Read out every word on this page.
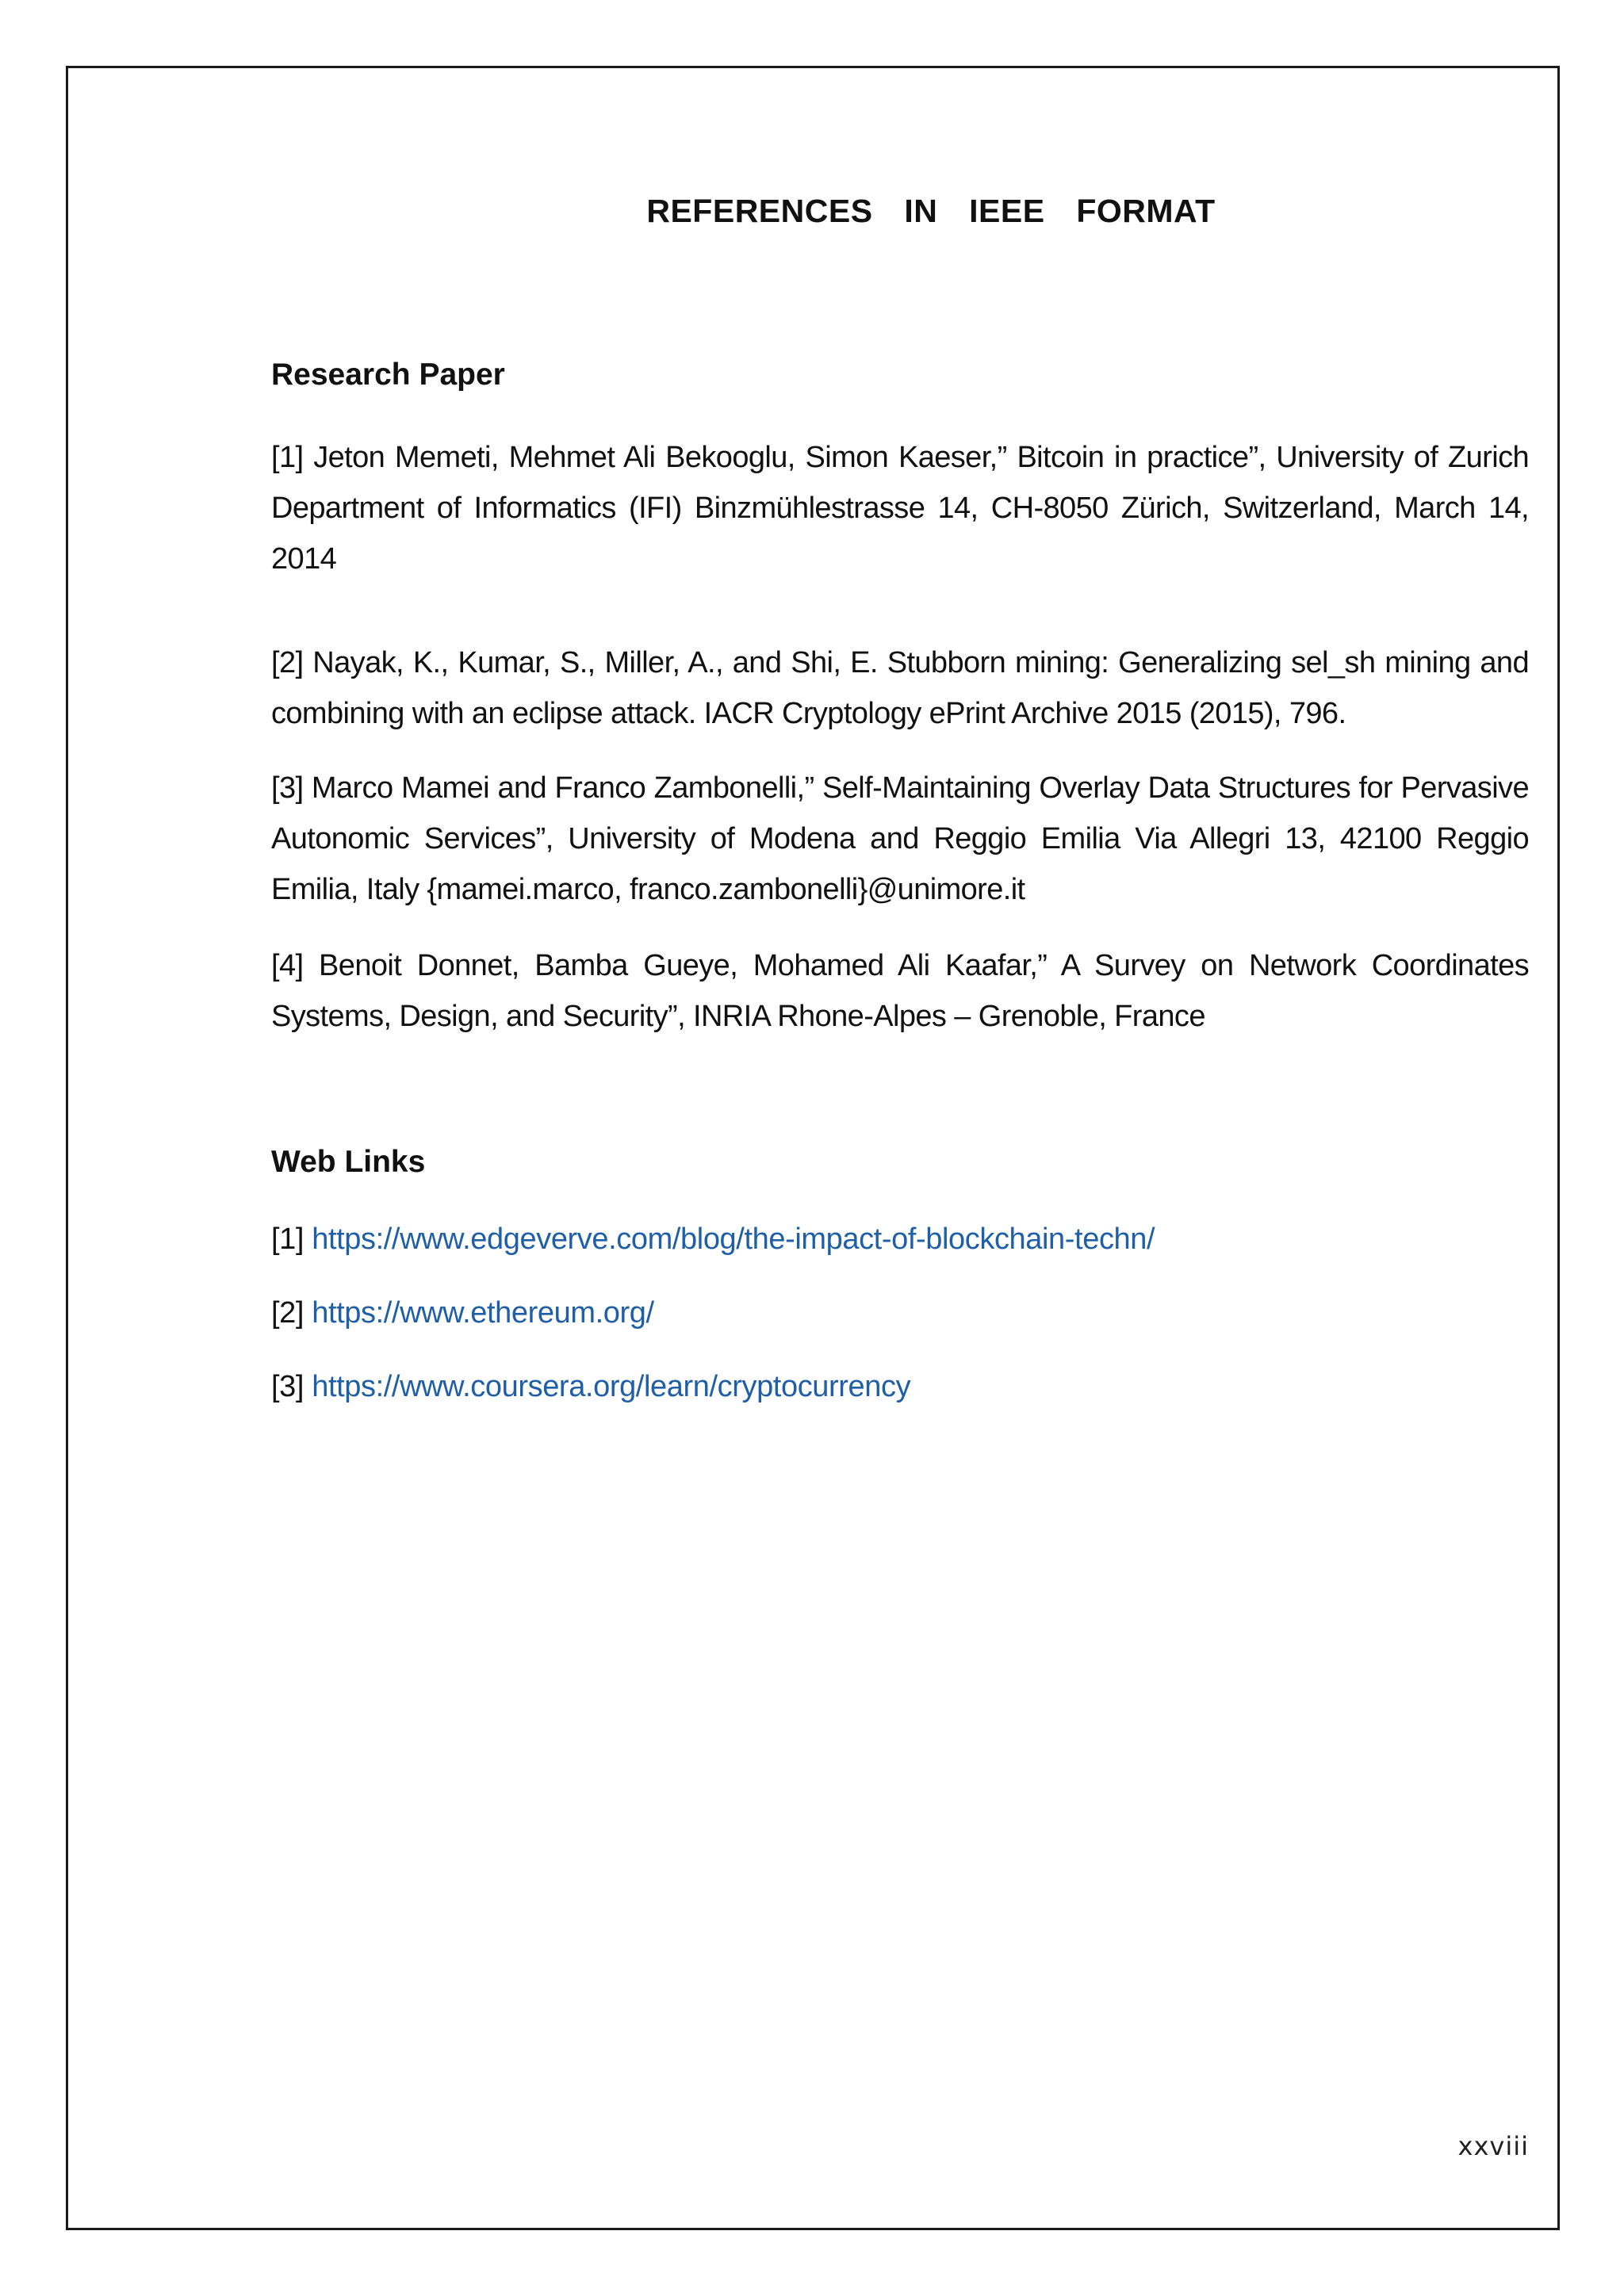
REFERENCES  IN  IEEE  FORMAT
Research Paper

[1] Jeton Memeti, Mehmet Ali Bekooglu, Simon Kaeser,” Bitcoin in practice”, University of Zurich Department of Informatics (IFI) Binzmühlestrasse 14, CH-8050 Zürich, Switzerland, March 14, 2014

[2] Nayak, K., Kumar, S., Miller, A., and Shi, E. Stubborn mining: Generalizing sel_sh mining and combining with an eclipse attack. IACR Cryptology ePrint Archive 2015 (2015), 796.

[3] Marco Mamei and Franco Zambonelli,” Self-Maintaining Overlay Data Structures for Pervasive Autonomic Services”, University of Modena and Reggio Emilia Via Allegri 13, 42100 Reggio Emilia, Italy {mamei.marco, franco.zambonelli}@unimore.it

[4] Benoit Donnet, Bamba Gueye, Mohamed Ali Kaafar,” A Survey on Network Coordinates Systems, Design, and Security”, INRIA Rhone-Alpes – Grenoble, France

Web Links

[1] https://www.edgeverve.com/blog/the-impact-of-blockchain-techn/

[2] https://www.ethereum.org/

[3] https://www.coursera.org/learn/cryptocurrency

xxviii
